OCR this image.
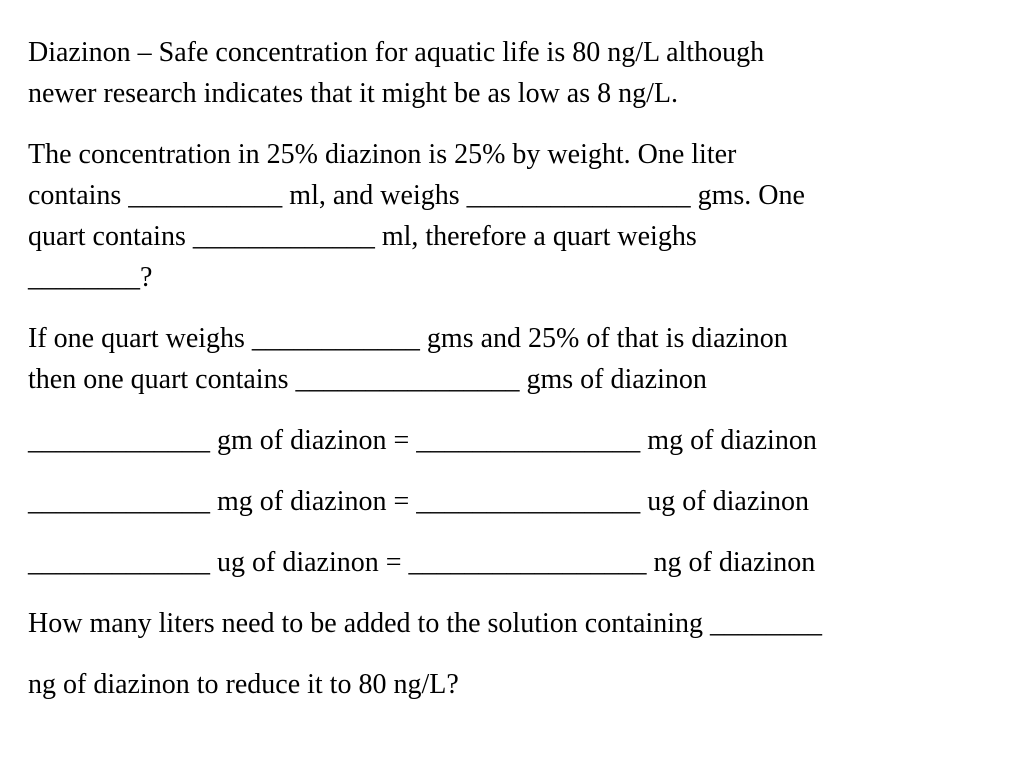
Diazinon – Safe concentration for aquatic life is 80 ng/L although
newer research indicates that it might be as low as 8 ng/L.
The concentration in 25% diazinon is 25% by weight. One liter
contains ___________ ml, and weighs ________________ gms. One
quart contains _____________ ml, therefore a quart weighs
________?
If one quart weighs ____________ gms and 25% of that is diazinon
then one quart contains ________________ gms of diazinon
_____________ gm of diazinon = ________________ mg of diazinon
_____________ mg of diazinon = ________________ ug of diazinon
_____________ ug of diazinon = _________________ ng of diazinon
How many liters need to be added to the solution containing ________
ng of diazinon to reduce it to 80 ng/L?
